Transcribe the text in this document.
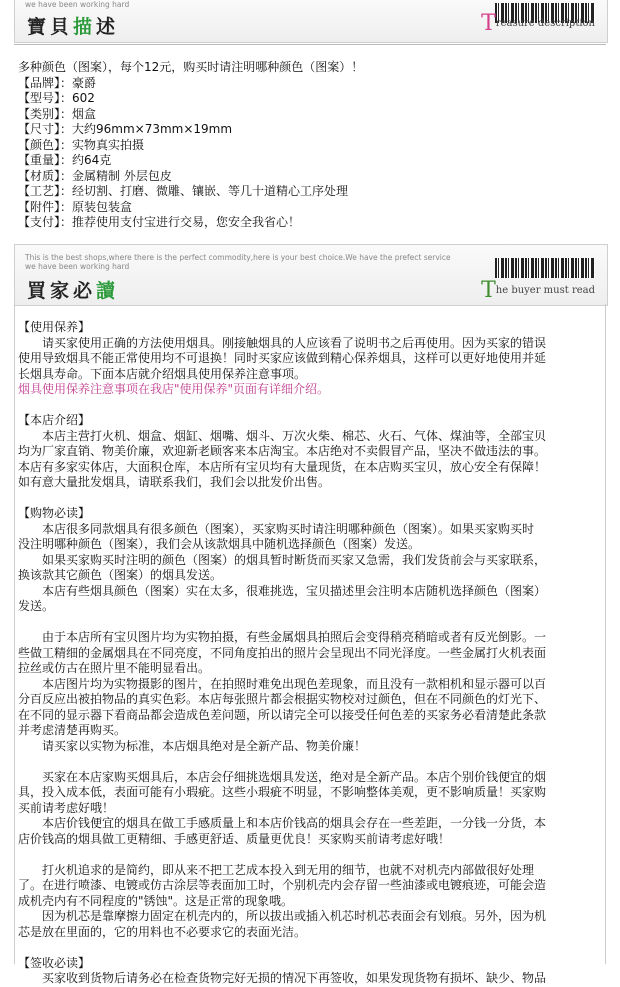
we have been working hard
寶貝描述	Treasure description
多种颜色（图案），每个12元，购买时请注明哪种颜色（图案）！
【品牌】：豪爵
【型号】：602
【类别】：烟盒
【尺寸】：大约96mm×73mm×19mm
【颜色】：实物真实拍摄
【重量】：约64克
【材质】：金属精制 外层包皮
【工艺】：经切割、打磨、微雕、镶嵌、等几十道精心工序处理
【附件】：原装包装盒
【支付】：推荐使用支付宝进行交易，您安全我省心！
This is the best shops,where there is the perfect commodity,here is your best choice.We have the prefect service
we have been working hard
買家必讀	The buyer must read

【使用保养】

　　请买家使用正确的方法使用烟具。刚接触烟具的人应该看了说明书之后再使用。因为买家的错误

使用导致烟具不能正常使用均不可退换！同时买家应该做到精心保养烟具，这样可以更好地使用并延

长烟具寿命。下面本店就介绍烟具使用保养注意事项。

烟具使用保养注意事项在我店"使用保养"页面有详细介绍。

【本店介绍】

　　本店主营打火机、烟盒、烟缸、烟嘴、烟斗、万次火柴、棉芯、火石、气体、煤油等，全部宝贝

均为厂家直销、物美价廉，欢迎新老顾客来本店淘宝。本店绝对不卖假冒产品，坚决不做违法的事。

本店有多家实体店，大面积仓库，本店所有宝贝均有大量现货，在本店购买宝贝，放心安全有保障！

如有意大量批发烟具，请联系我们，我们会以批发价出售。

【购物必读】

　　本店很多同款烟具有很多颜色（图案），买家购买时请注明哪种颜色（图案）。如果买家购买时

没注明哪种颜色（图案），我们会从该款烟具中随机选择颜色（图案）发送。

　　如果买家购买时注明的颜色（图案）的烟具暂时断货而买家又急需，我们发货前会与买家联系，

换该款其它颜色（图案）的烟具发送。

　　本店有些烟具颜色（图案）实在太多，很难挑选，宝贝描述里会注明本店随机选择颜色（图案）

发送。

　　由于本店所有宝贝图片均为实物拍摄，有些金属烟具拍照后会变得稍亮稍暗或者有反光倒影。一

些做工精细的金属烟具在不同亮度，不同角度拍出的照片会呈现出不同光泽度。一些金属打火机表面

拉丝或仿古在照片里不能明显看出。

　　本店图片均为实物摄影的图片，在拍照时难免出现色差现象，而且没有一款相机和显示器可以百

分百反应出被拍物品的真实色彩。本店每张照片都会根据实物校对过颜色，但在不同颜色的灯光下、

在不同的显示器下看商品都会造成色差问题，所以请完全可以接受任何色差的买家务必看清楚此条款

并考虑清楚再购买。

　　请买家以实物为标准，本店烟具绝对是全新产品、物美价廉！

　　买家在本店家购买烟具后，本店会仔细挑选烟具发送，绝对是全新产品。本店个别价钱便宜的烟

具，投入成本低，表面可能有小瑕疵。这些小瑕疵不明显，不影响整体美观，更不影响质量！买家购

买前请考虑好哦！

　　本店价钱便宜的烟具在做工手感质量上和本店价钱高的烟具会存在一些差距，一分钱一分货，本

店价钱高的烟具做工更精细、手感更舒适、质量更优良！买家购买前请考虑好哦！

　　打火机追求的是简约，即从来不把工艺成本投入到无用的细节，也就不对机壳内部做很好处理

了。在进行喷漆、电镀或仿古涂层等表面加工时，个别机壳内会存留一些油漆或电镀痕迹，可能会造

成机壳内有不同程度的"锈蚀"。这是正常的现象哦。

　　因为机芯是靠摩擦力固定在机壳内的，所以拔出或插入机芯时机芯表面会有划痕。另外，因为机

芯是放在里面的，它的用料也不必要求它的表面光洁。

【签收必读】

　　买家收到货物后请务必在检查货物完好无损的情况下再签收，如果发现货物有损坏、缺少、物品
